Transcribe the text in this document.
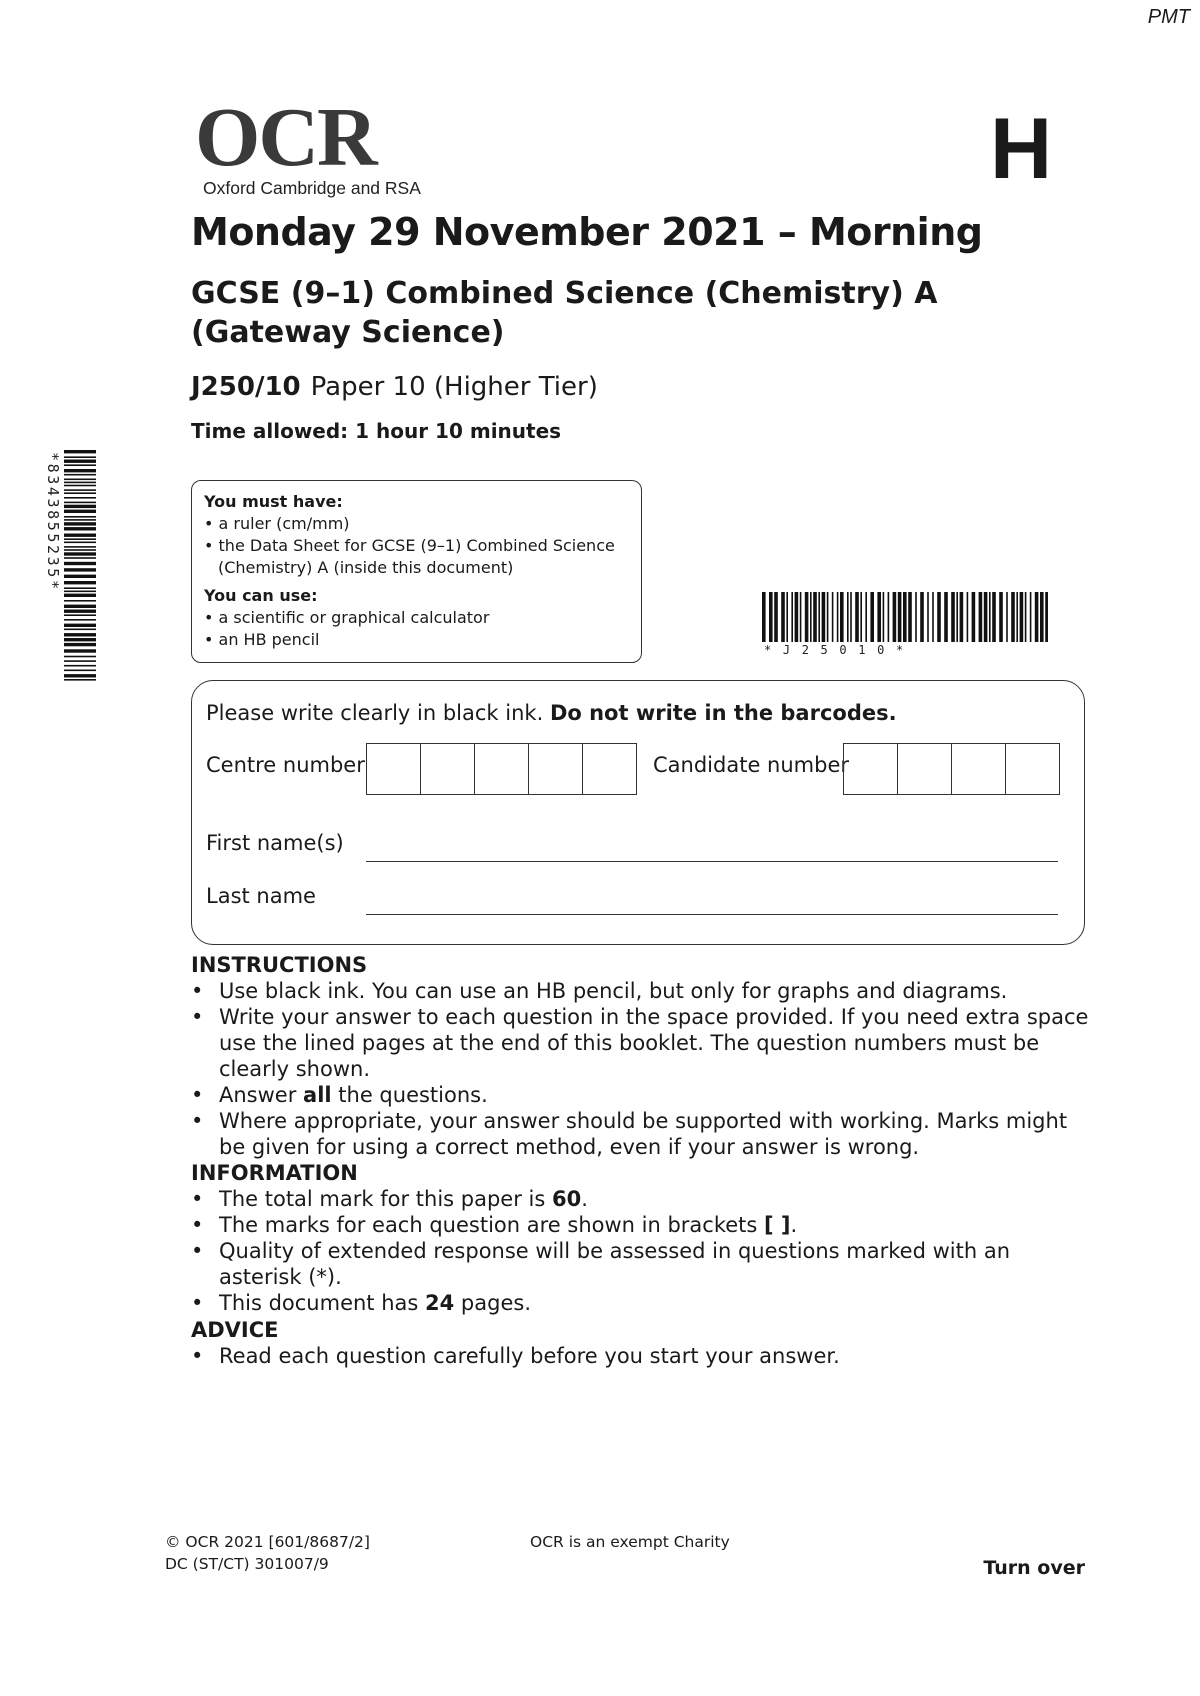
PMT
OCR
Oxford Cambridge and RSA	H
Monday 29 November 2021 – Morning
GCSE (9–1) Combined Science (Chemistry) A
(Gateway Science)
J250/10 Paper 10 (Higher Tier)
Time allowed: 1 hour 10 minutes
*8343855235*	You must have:
• a ruler (cm/mm)
• the Data Sheet for GCSE (9–1) Combined Science
(Chemistry) A (inside this document)
You can use:
• a scientific or graphical calculator
• an HB pencil
* J 2 5 0 1 0 *
Please write clearly in black ink. Do not write in the barcodes.
Centre number	Candidate number
First name(s)
Last name
INSTRUCTIONS
• Use black ink. You can use an HB pencil, but only for graphs and diagrams.
• Write your answer to each question in the space provided. If you need extra space use the lined pages at the end of this booklet. The question numbers must be clearly shown.
• Answer all the questions.
• Where appropriate, your answer should be supported with working. Marks might be given for using a correct method, even if your answer is wrong.
INFORMATION
• The total mark for this paper is 60.
• The marks for each question are shown in brackets [ ].
• Quality of extended response will be assessed in questions marked with an asterisk (*).
• This document has 24 pages.
ADVICE
• Read each question carefully before you start your answer.
© OCR 2021 [601/8687/2]
DC (ST/CT) 301007/9
OCR is an exempt Charity
Turn over
